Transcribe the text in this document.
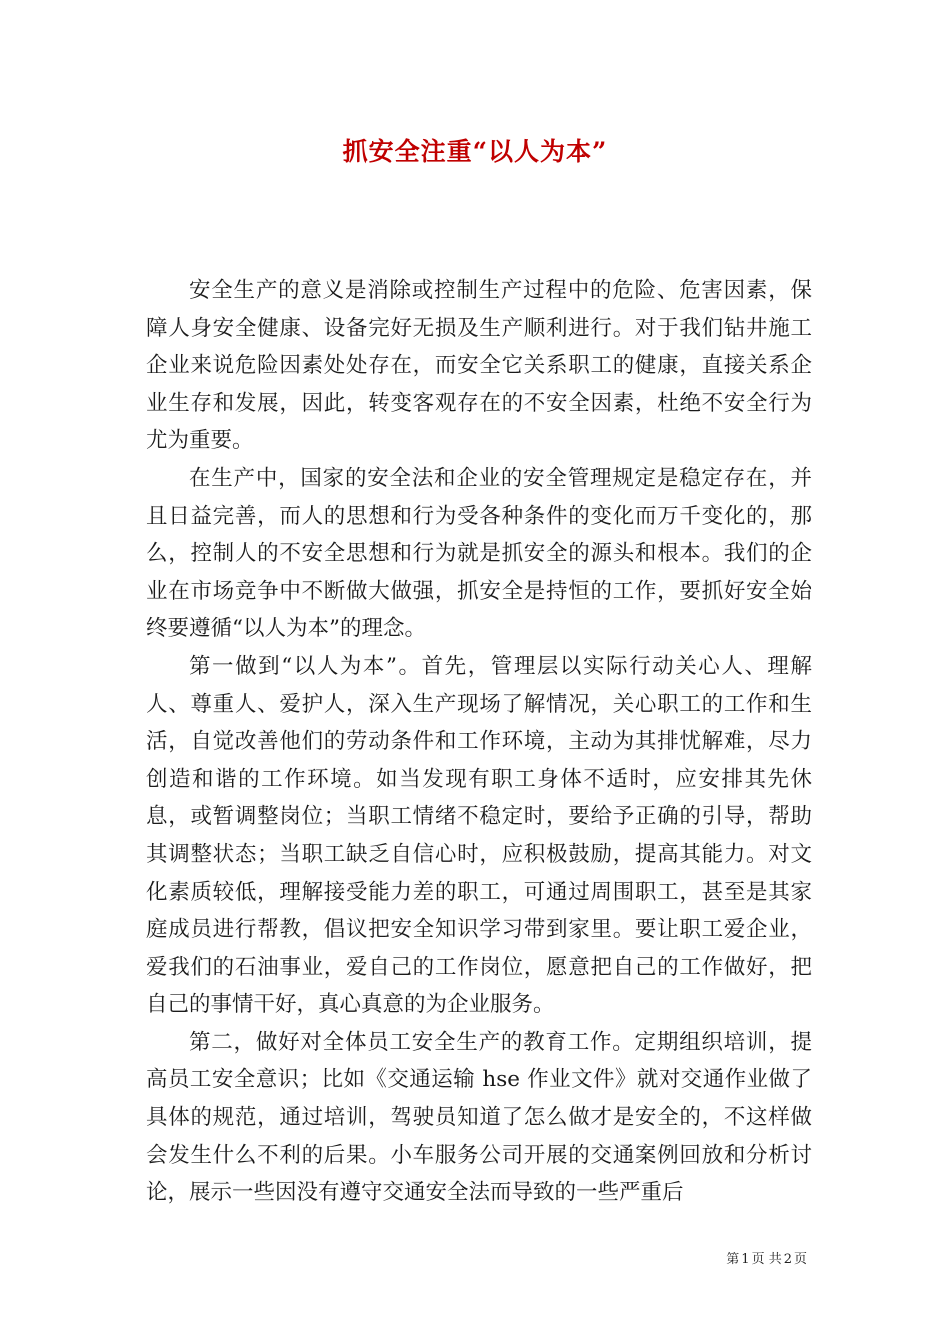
抓安全注重“以人为本”

安全生产的意义是消除或控制生产过程中的危险、危害因素，保障人身安全健康、设备完好无损及生产顺利进行。对于我们钻井施工企业来说危险因素处处存在，而安全它关系职工的健康，直接关系企业生存和发展，因此，转变客观存在的不安全因素，杜绝不安全行为尤为重要。

在生产中，国家的安全法和企业的安全管理规定是稳定存在，并且日益完善，而人的思想和行为受各种条件的变化而万千变化的，那么，控制人的不安全思想和行为就是抓安全的源头和根本。我们的企业在市场竞争中不断做大做强，抓安全是持恒的工作，要抓好安全始终要遵循“以人为本”的理念。

第一做到“以人为本”。首先，管理层以实际行动关心人、理解人、尊重人、爱护人，深入生产现场了解情况，关心职工的工作和生活，自觉改善他们的劳动条件和工作环境，主动为其排忧解难，尽力创造和谐的工作环境。如当发现有职工身体不适时，应安排其先休息，或暂调整岗位；当职工情绪不稳定时，要给予正确的引导，帮助其调整状态；当职工缺乏自信心时，应积极鼓励，提高其能力。对文化素质较低，理解接受能力差的职工，可通过周围职工，甚至是其家庭成员进行帮教，倡议把安全知识学习带到家里。要让职工爱企业，爱我们的石油事业，爱自己的工作岗位，愿意把自己的工作做好，把自己的事情干好，真心真意的为企业服务。

第二，做好对全体员工安全生产的教育工作。定期组织培训，提高员工安全意识；比如《交通运输 hse 作业文件》就对交通作业做了具体的规范，通过培训，驾驶员知道了怎么做才是安全的，不这样做会发生什么不利的后果。小车服务公司开展的交通案例回放和分析讨论，展示一些因没有遵守交通安全法而导致的一些严重后

第 1 页 共 2 页
